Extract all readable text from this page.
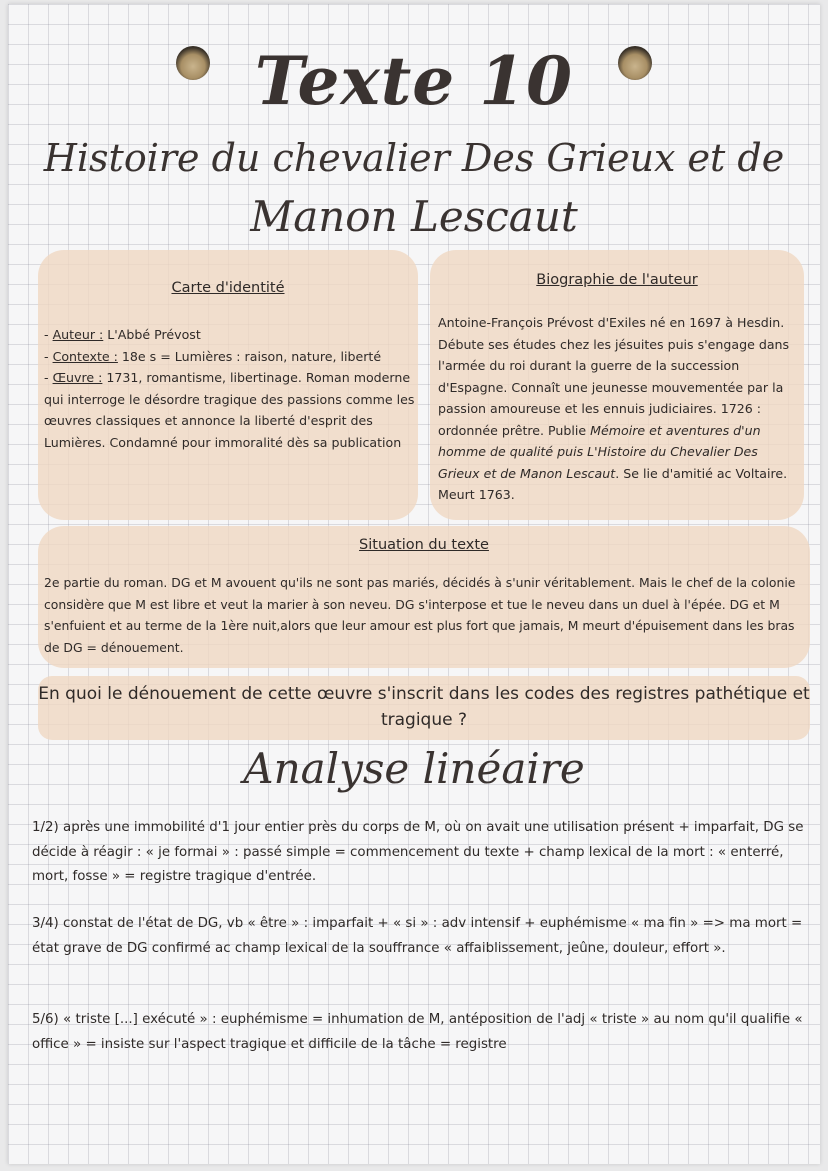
Texte 10
Histoire du chevalier Des Grieux et de
Manon Lescaut
Carte d'identité
- Auteur : L'Abbé Prévost
- Contexte : 18e s = Lumières : raison, nature, liberté
- Œuvre : 1731, romantisme, libertinage. Roman moderne qui interroge le désordre tragique des passions comme les œuvres classiques et annonce la liberté d'esprit des Lumières. Condamné pour immoralité dès sa publication
Biographie de l'auteur
Antoine-François Prévost d'Exiles né en 1697 à Hesdin. Débute ses études chez les jésuites puis s'engage dans l'armée du roi durant la guerre de la succession d'Espagne. Connaît une jeunesse mouvementée par la passion amoureuse et les ennuis judiciaires. 1726 : ordonnée prêtre. Publie Mémoire et aventures d'un homme de qualité puis L'Histoire du Chevalier Des Grieux et de Manon Lescaut. Se lie d'amitié ac Voltaire. Meurt 1763.
Situation du texte
2e partie du roman. DG et M avouent qu'ils ne sont pas mariés, décidés à s'unir véritablement. Mais le chef de la colonie considère que M est libre et veut la marier à son neveu. DG s'interpose et tue le neveu dans un duel à l'épée. DG et M s'enfuient et au terme de la 1ère nuit,alors que leur amour est plus fort que jamais, M meurt d'épuisement dans les bras de DG = dénouement.
En quoi le dénouement de cette œuvre s'inscrit dans les codes des registres pathétique et tragique ?
Analyse linéaire
1/2) après une immobilité d'1 jour entier près du corps de M, où on avait une utilisation présent + imparfait, DG se décide à réagir : « je formai » : passé simple = commencement du texte + champ lexical de la mort : « enterré, mort, fosse » = registre tragique d'entrée.
3/4) constat de l'état de DG, vb « être » : imparfait + « si » : adv intensif + euphémisme « ma fin » => ma mort = état grave de DG confirmé ac champ lexical de la souffrance « affaiblissement, jeûne, douleur, effort ».
5/6) « triste [...] exécuté » : euphémisme = inhumation de M, antéposition de l'adj « triste » au nom qu'il qualifie « office » = insiste sur l'aspect tragique et difficile de la tâche = registre
